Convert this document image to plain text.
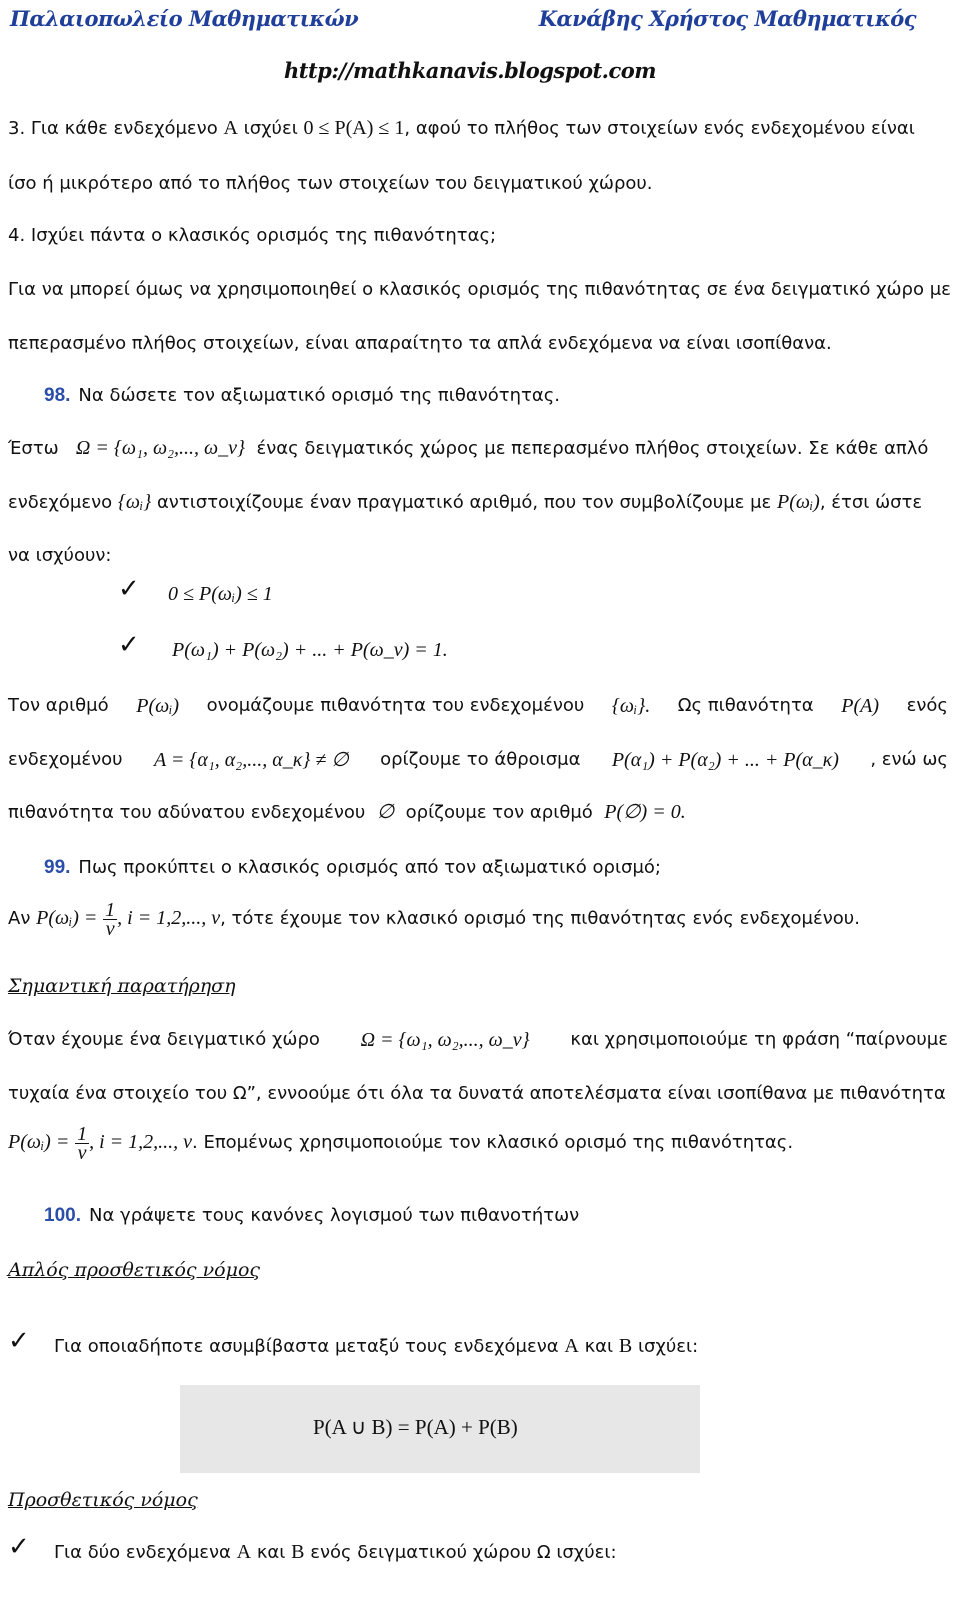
Παλαιοπωλείο Μαθηματικών	Κανάβης Χρήστος Μαθηματικός
http://mathkanavis.blogspot.com
3. Για κάθε ενδεχόμενο A ισχύει 0 ≤ P(A) ≤ 1, αφού το πλήθος των στοιχείων ενός ενδεχομένου είναι
ίσο ή μικρότερο από το πλήθος των στοιχείων του δειγματικού χώρου.
4. Ισχύει πάντα ο κλασικός ορισμός της πιθανότητας;
Για να μπορεί όμως να χρησιμοποιηθεί ο κλασικός ορισμός της πιθανότητας σε ένα δειγματικό χώρο με
πεπερασμένο πλήθος στοιχείων, είναι απαραίτητο τα απλά ενδεχόμενα να είναι ισοπίθανα.
98. Να δώσετε τον αξιωματικό ορισμό της πιθανότητας.
Έστω Ω = {ω₁, ω₂,..., ω_ν} ένας δειγματικός χώρος με πεπερασμένο πλήθος στοιχείων. Σε κάθε απλό
ενδεχόμενο {ωᵢ} αντιστοιχίζουμε έναν πραγματικό αριθμό, που τον συμβολίζουμε με P(ωᵢ), έτσι ώστε
να ισχύουν:
✓ 0 ≤ P(ωᵢ) ≤ 1
✓ P(ω₁) + P(ω₂) + ... + P(ω_ν) = 1.
Τον αριθμό P(ωᵢ) ονομάζουμε πιθανότητα του ενδεχομένου {ωᵢ}. Ως πιθανότητα P(A) ενός
ενδεχομένου A = {α₁, α₂,..., α_κ} ≠ ∅ ορίζουμε το άθροισμα P(α₁) + P(α₂) + ... + P(α_κ) , ενώ ως
πιθανότητα του αδύνατου ενδεχομένου ∅ ορίζουμε τον αριθμό P(∅) = 0.
99. Πως προκύπτει ο κλασικός ορισμός από τον αξιωματικό ορισμό;
Αν P(ωᵢ) = $\frac{1}{\nu}$ , i = 1,2,..., ν, τότε έχουμε τον κλασικό ορισμό της πιθανότητας ενός ενδεχομένου.
Σημαντική παρατήρηση
Όταν έχουμε ένα δειγματικό χώρο Ω = {ω₁, ω₂,..., ω_ν} και χρησιμοποιούμε τη φράση “παίρνουμε
τυχαία ένα στοιχείο του Ω”, εννοούμε ότι όλα τα δυνατά αποτελέσματα είναι ισοπίθανα με πιθανότητα
P(ωᵢ) = $\frac{1}{\nu}$ , i = 1,2,..., ν. Επομένως χρησιμοποιούμε τον κλασικό ορισμό της πιθανότητας.
100. Να γράψετε τους κανόνες λογισμού των πιθανοτήτων
Απλός προσθετικός νόμος
✓ Για οποιαδήποτε ασυμβίβαστα μεταξύ τους ενδεχόμενα A και B ισχύει:
P(A ∪ B) = P(A) + P(B)
Προσθετικός νόμος
✓ Για δύο ενδεχόμενα A και B ενός δειγματικού χώρου Ω ισχύει:
